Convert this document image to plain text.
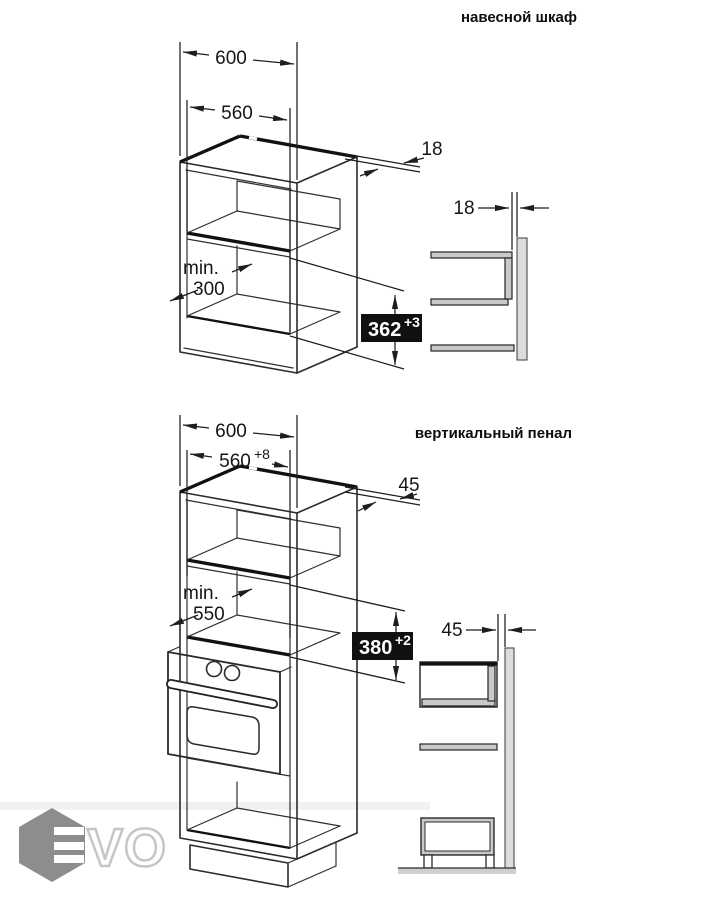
навесной шкаф
600
560
18
min.
300
362 +3
18
вертикальный пенал
600
560 +8
45
min.
550
380 +2 45
VO
